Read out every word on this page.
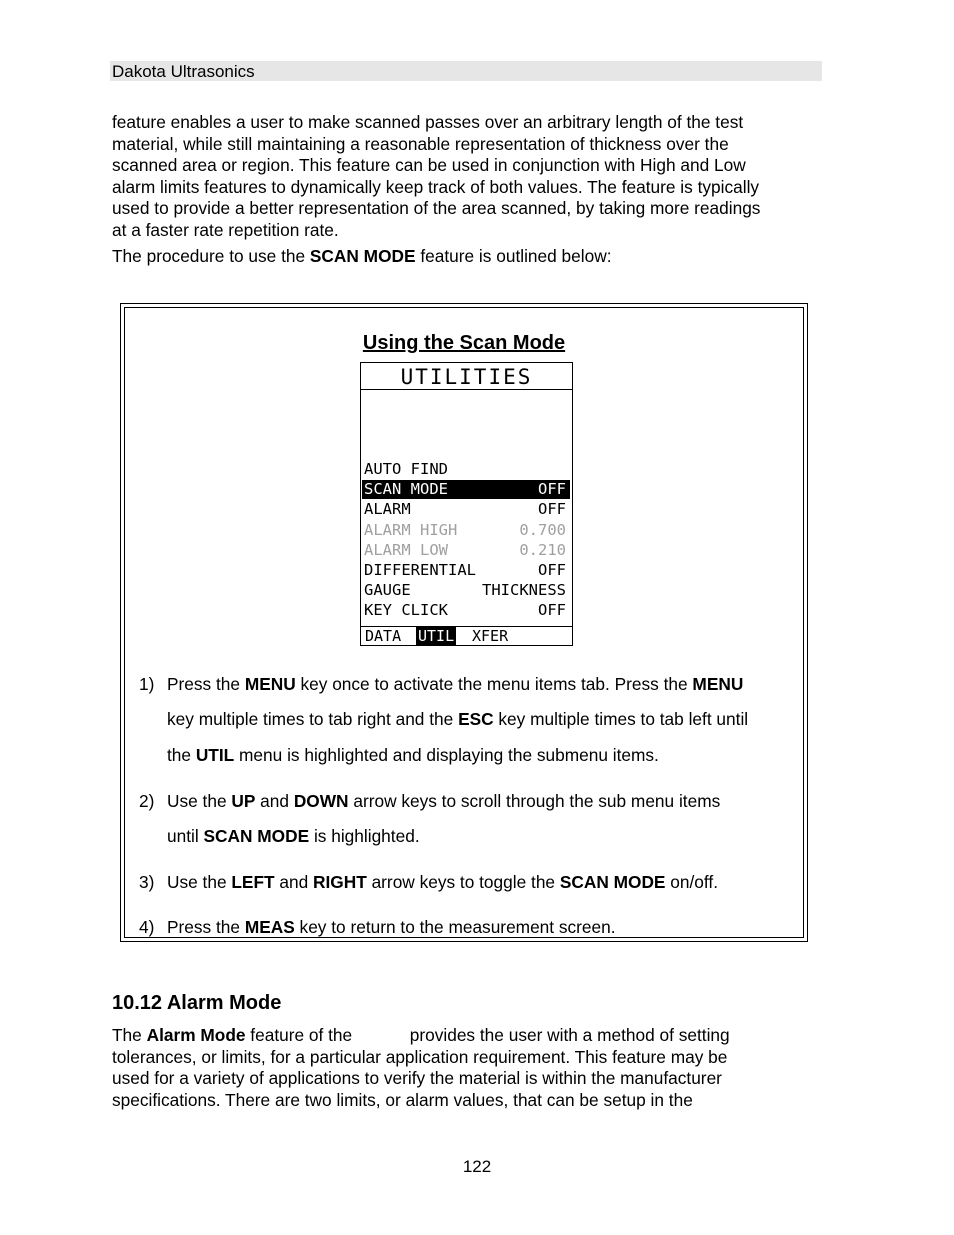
Dakota Ultrasonics
feature enables a user to make scanned passes over an arbitrary length of the test
material, while still maintaining a reasonable representation of thickness over the
scanned area or region. This feature can be used in conjunction with High and Low
alarm limits features to dynamically keep track of both values. The feature is typically
used to provide a better representation of the area scanned, by taking more readings
at a faster rate repetition rate.
The procedure to use the SCAN MODE feature is outlined below:
Using the Scan Mode
UTILITIES
AUTO FIND
SCAN MODE	OFF
ALARM	OFF
ALARM HIGH	0.700
ALARM LOW	0.210
DIFFERENTIAL	OFF
GAUGE	THICKNESS
KEY CLICK	OFF
DATA UTIL XFER
1) Press the MENU key once to activate the menu items tab. Press the MENU
key multiple times to tab right and the ESC key multiple times to tab left until
the UTIL menu is highlighted and displaying the submenu items.
2) Use the UP and DOWN arrow keys to scroll through the sub menu items
until SCAN MODE is highlighted.
3) Use the LEFT and RIGHT arrow keys to toggle the SCAN MODE on/off.
4) Press the MEAS key to return to the measurement screen.
10.12 Alarm Mode
The Alarm Mode feature of the            provides the user with a method of setting
tolerances, or limits, for a particular application requirement. This feature may be
used for a variety of applications to verify the material is within the manufacturer
specifications. There are two limits, or alarm values, that can be setup in the
122
